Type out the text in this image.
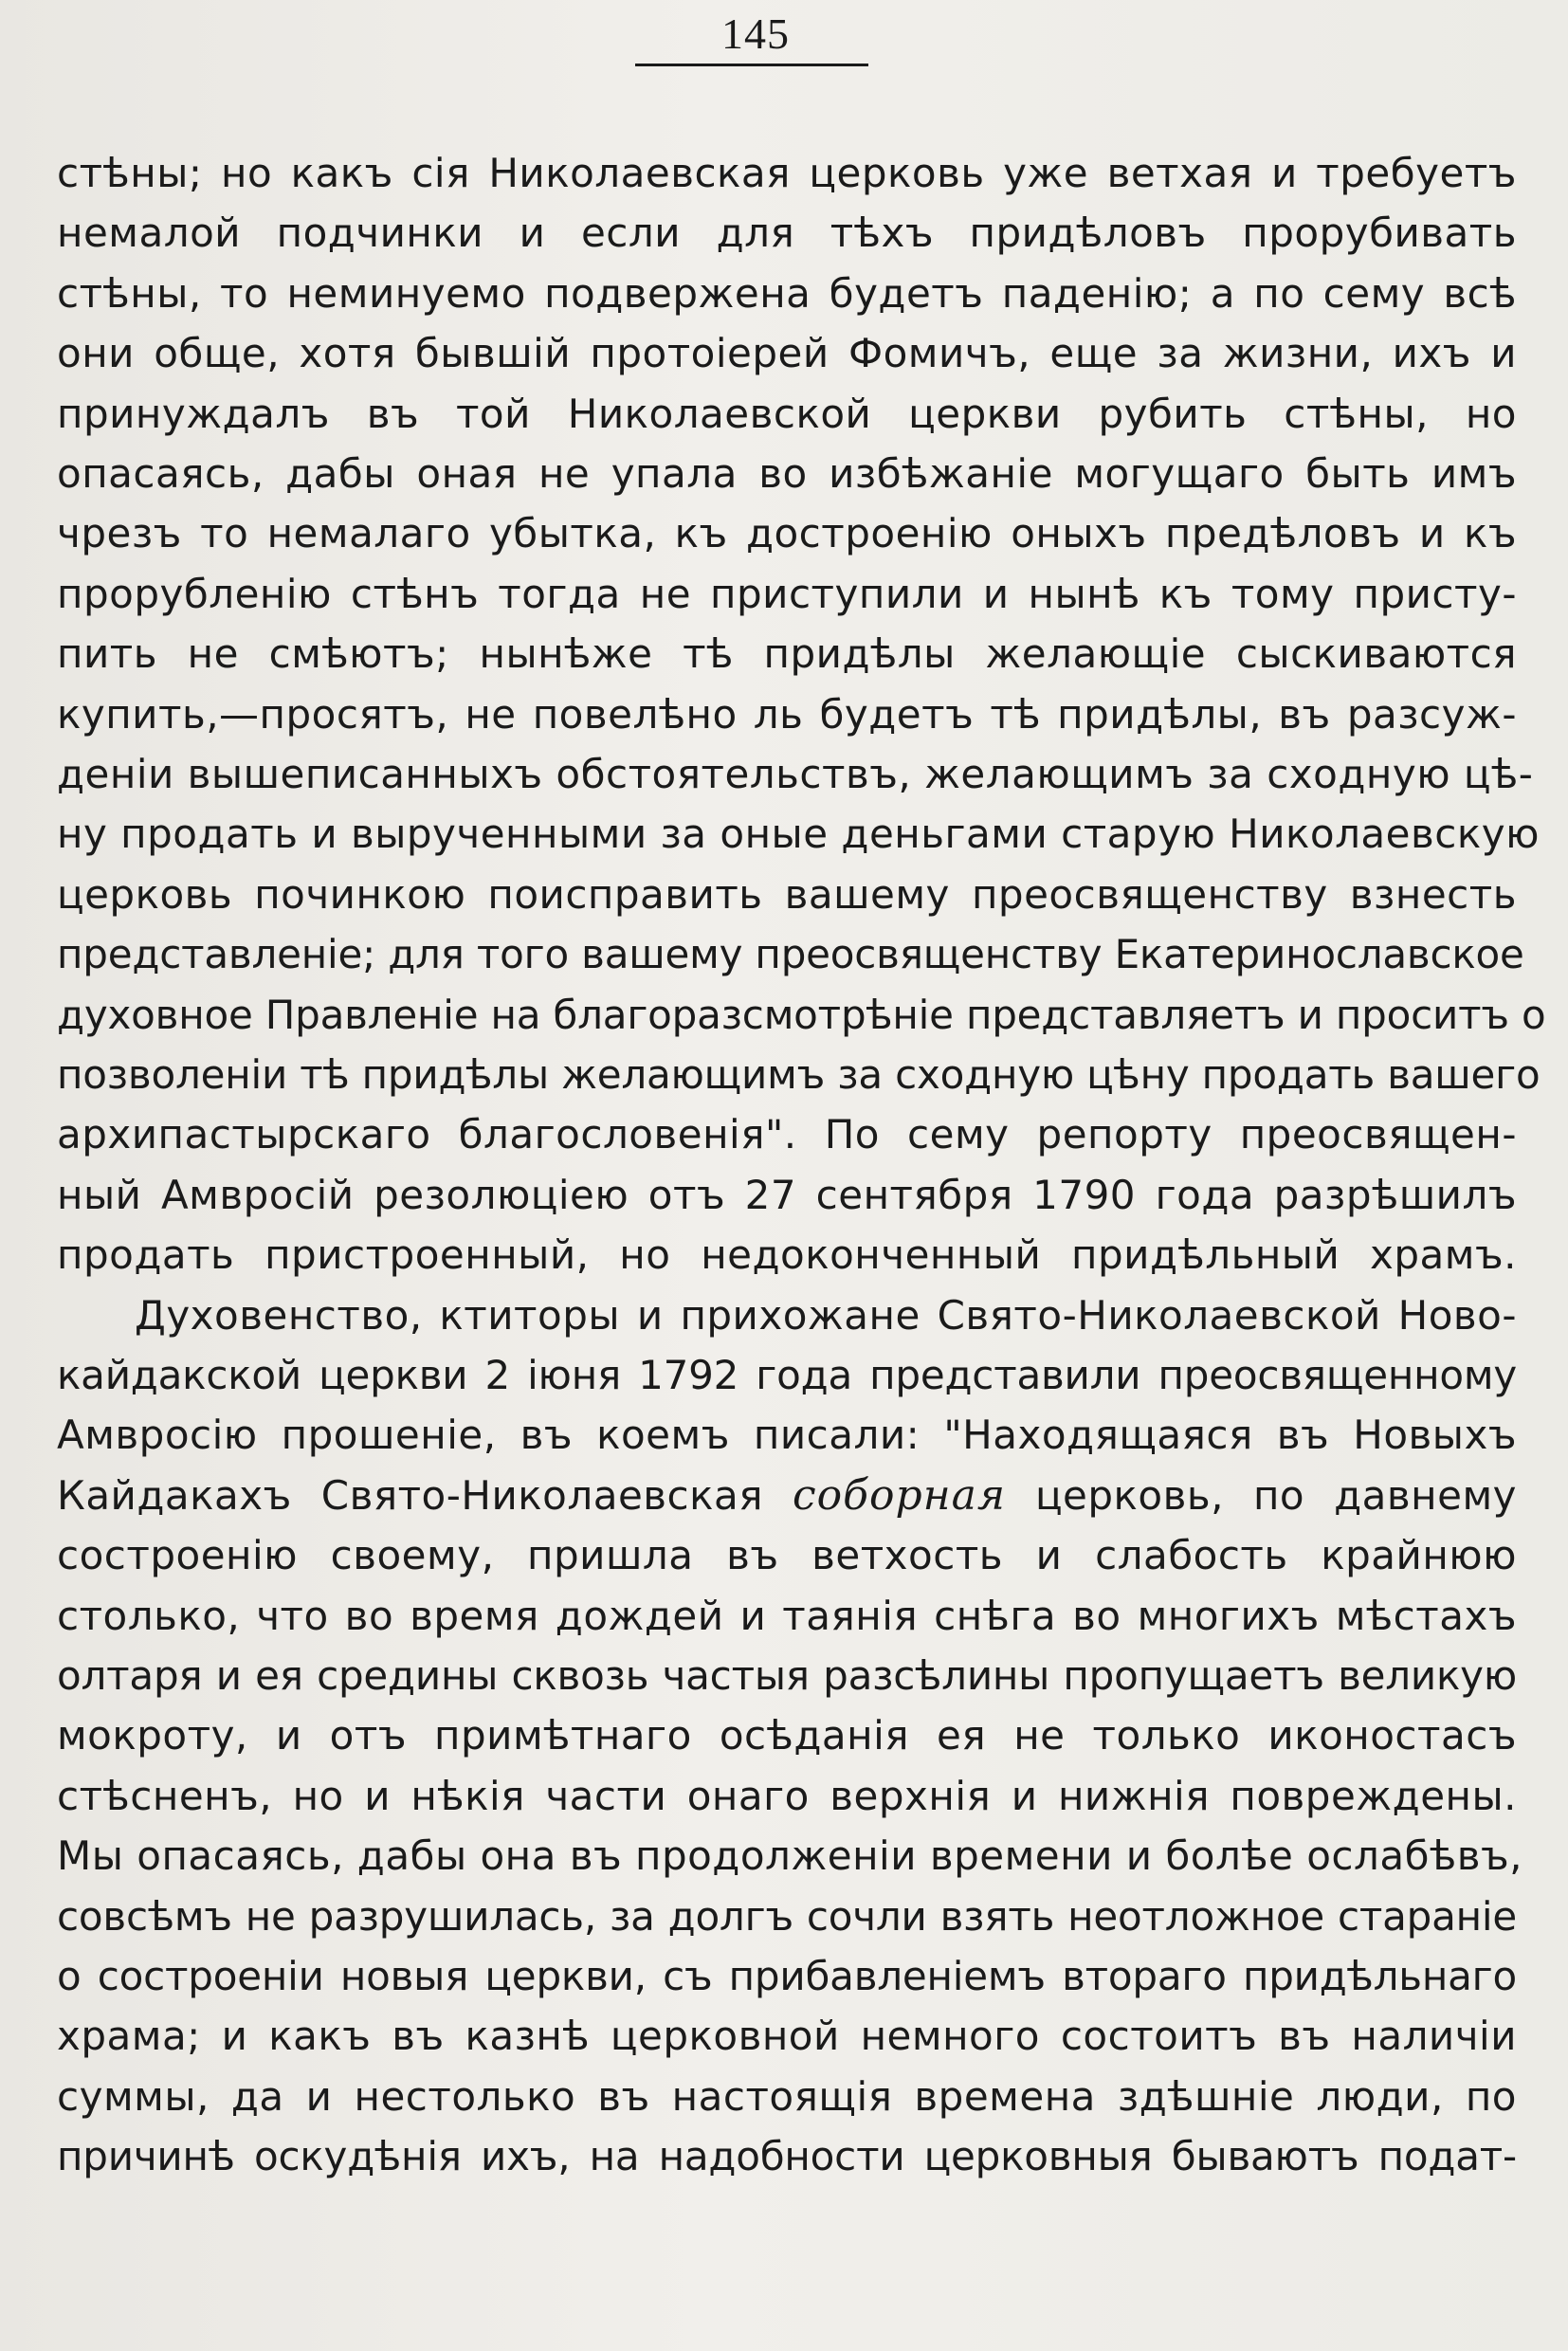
145
стѣны; но какъ сія Николаевская церковь уже ветхая и требуетъ
немалой подчинки и если для тѣхъ придѣловъ прорубивать
стѣны, то неминуемо подвержена будетъ паденію; а по сему всѣ
они обще, хотя бывшій протоіерей Фомичъ, еще за жизни, ихъ и
принуждалъ въ той Николаевской церкви рубить стѣны, но
опасаясь, дабы оная не упала во избѣжаніе могущаго быть имъ
чрезъ то немалаго убытка, къ достроенію оныхъ предѣловъ и къ
прорубленію стѣнъ тогда не приступили и нынѣ къ тому присту-
пить не смѣютъ; нынѣже тѣ придѣлы желающіе сыскиваются
купить,—просятъ, не повелѣно ль будетъ тѣ придѣлы, въ разсуж-
деніи вышеписанныхъ обстоятельствъ, желающимъ за сходную цѣ-
ну продать и вырученными за оные деньгами старую Николаевскую
церковь починкою поисправить вашему преосвященству взнесть
представленіе; для того вашему преосвященству Екатеринославское
духовное Правленіе на благоразсмотрѣніе представляетъ и проситъ о
позволеніи тѣ придѣлы желающимъ за сходную цѣну продать вашего
архипастырскаго благословенія". По сему репорту преосвящен-
ный Амвросій резолюціею отъ 27 сентября 1790 года разрѣшилъ
продать пристроенный, но недоконченный придѣльный храмъ.
Духовенство, ктиторы и прихожане Свято-Николаевской Ново-
кайдакской церкви 2 іюня 1792 года представили преосвященному
Амвросію прошеніе, въ коемъ писали: "Находящаяся въ Новыхъ
Кайдакахъ Свято-Николаевская соборная церковь, по давнему
состроенію своему, пришла въ ветхость и слабость крайнюю
столько, что во время дождей и таянія снѣга во многихъ мѣстахъ
олтаря и ея средины сквозь частыя разсѣлины пропущаетъ великую
мокроту, и отъ примѣтнаго осѣданія ея не только иконостасъ
стѣсненъ, но и нѣкія части онаго верхнія и нижнія повреждены.
Мы опасаясь, дабы она въ продолженіи времени и болѣе ослабѣвъ,
совсѣмъ не разрушилась, за долгъ сочли взять неотложное стараніе
о состроеніи новыя церкви, съ прибавленіемъ втораго придѣльнаго
храма; и какъ въ казнѣ церковной немного состоитъ въ наличіи
суммы, да и нестолько въ настоящія времена здѣшніе люди, по
причинѣ оскудѣнія ихъ, на надобности церковныя бываютъ подат-
